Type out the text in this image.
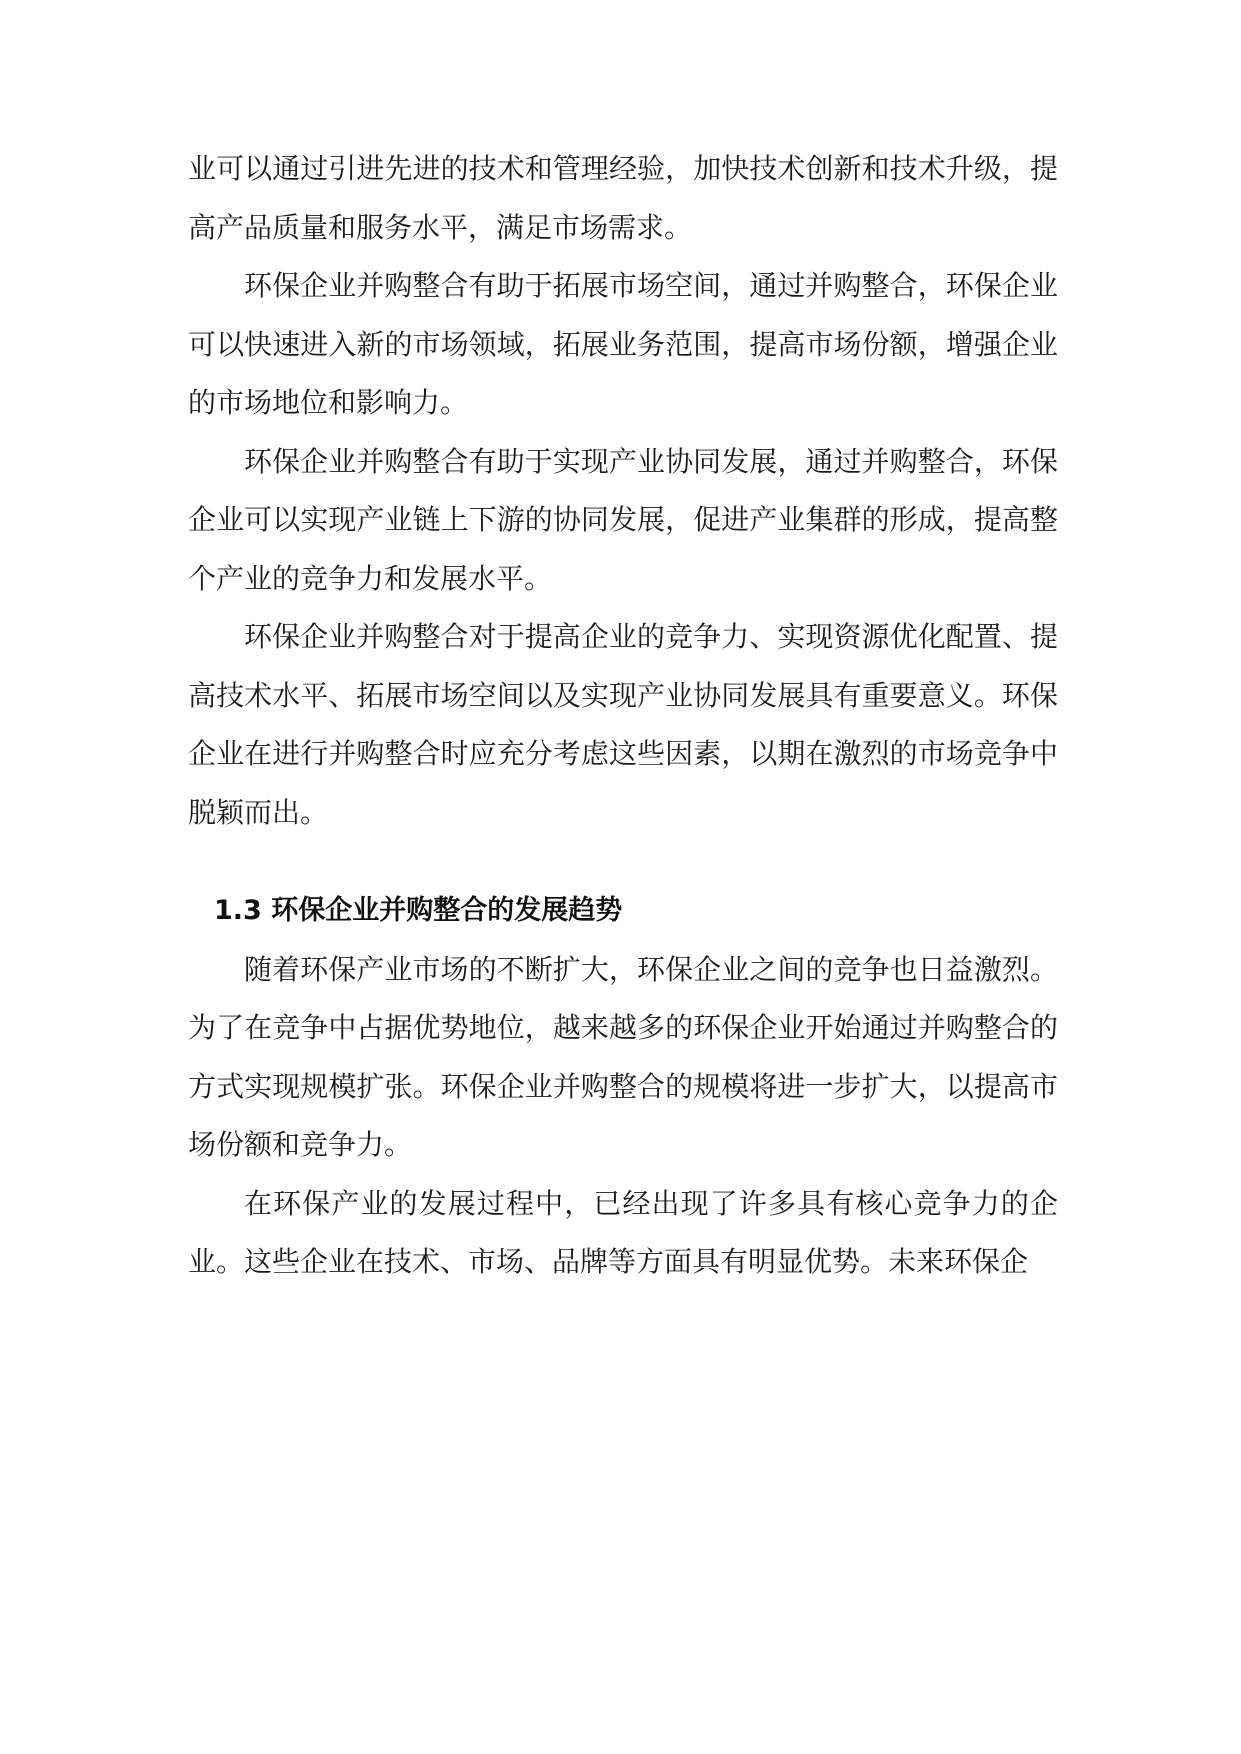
业可以通过引进先进的技术和管理经验，加快技术创新和技术升级，提高产品质量和服务水平，满足市场需求。

环保企业并购整合有助于拓展市场空间，通过并购整合，环保企业可以快速进入新的市场领域，拓展业务范围，提高市场份额，增强企业的市场地位和影响力。

环保企业并购整合有助于实现产业协同发展，通过并购整合，环保企业可以实现产业链上下游的协同发展，促进产业集群的形成，提高整个产业的竞争力和发展水平。

环保企业并购整合对于提高企业的竞争力、实现资源优化配置、提高技术水平、拓展市场空间以及实现产业协同发展具有重要意义。环保企业在进行并购整合时应充分考虑这些因素，以期在激烈的市场竞争中脱颖而出。

1.3 环保企业并购整合的发展趋势

随着环保产业市场的不断扩大，环保企业之间的竞争也日益激烈。为了在竞争中占据优势地位，越来越多的环保企业开始通过并购整合的方式实现规模扩张。环保企业并购整合的规模将进一步扩大，以提高市场份额和竞争力。

在环保产业的发展过程中，已经出现了许多具有核心竞争力的企业。这些企业在技术、市场、品牌等方面具有明显优势。未来环保企
